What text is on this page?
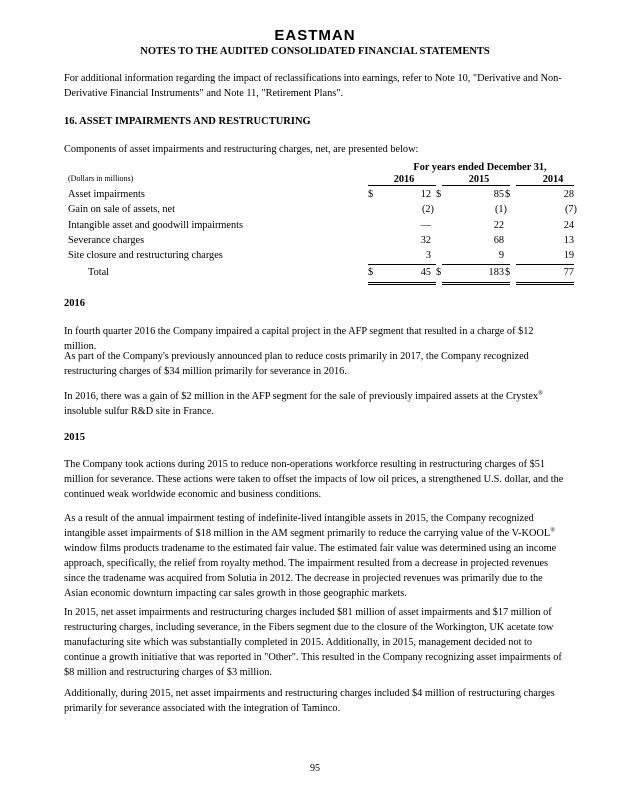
EASTMAN
NOTES TO THE AUDITED CONSOLIDATED FINANCIAL STATEMENTS
For additional information regarding the impact of reclassifications into earnings, refer to Note 10, "Derivative and Non-Derivative Financial Instruments" and Note 11, "Retirement Plans".
16. ASSET IMPAIRMENTS AND RESTRUCTURING
Components of asset impairments and restructuring charges, net, are presented below:
For years ended December 31,
(Dollars in millions)	2016	2015	2014
Asset impairments	$	12 $	85 $	28
Gain on sale of assets, net	(2)	(1)	(7)
Intangible asset and goodwill impairments	—	22	24
Severance charges	32	68	13
Site closure and restructuring charges	3	9	19
Total	$	45 $	183 $	77
2016
In fourth quarter 2016 the Company impaired a capital project in the AFP segment that resulted in a charge of $12 million.
As part of the Company's previously announced plan to reduce costs primarily in 2017, the Company recognized restructuring charges of $34 million primarily for severance in 2016.
In 2016, there was a gain of $2 million in the AFP segment for the sale of previously impaired assets at the Crystex® insoluble sulfur R&D site in France.
2015
The Company took actions during 2015 to reduce non-operations workforce resulting in restructuring charges of $51 million for severance. These actions were taken to offset the impacts of low oil prices, a strengthened U.S. dollar, and the continued weak worldwide economic and business conditions.
As a result of the annual impairment testing of indefinite-lived intangible assets in 2015, the Company recognized intangible asset impairments of $18 million in the AM segment primarily to reduce the carrying value of the V-KOOL® window films products tradename to the estimated fair value. The estimated fair value was determined using an income approach, specifically, the relief from royalty method. The impairment resulted from a decrease in projected revenues since the tradename was acquired from Solutia in 2012. The decrease in projected revenues was primarily due to the Asian economic downturn impacting car sales growth in those geographic markets.
In 2015, net asset impairments and restructuring charges included $81 million of asset impairments and $17 million of restructuring charges, including severance, in the Fibers segment due to the closure of the Workington, UK acetate tow manufacturing site which was substantially completed in 2015. Additionally, in 2015, management decided not to continue a growth initiative that was reported in "Other". This resulted in the Company recognizing asset impairments of $8 million and restructuring charges of $3 million.
Additionally, during 2015, net asset impairments and restructuring charges included $4 million of restructuring charges primarily for severance associated with the integration of Taminco.
95
